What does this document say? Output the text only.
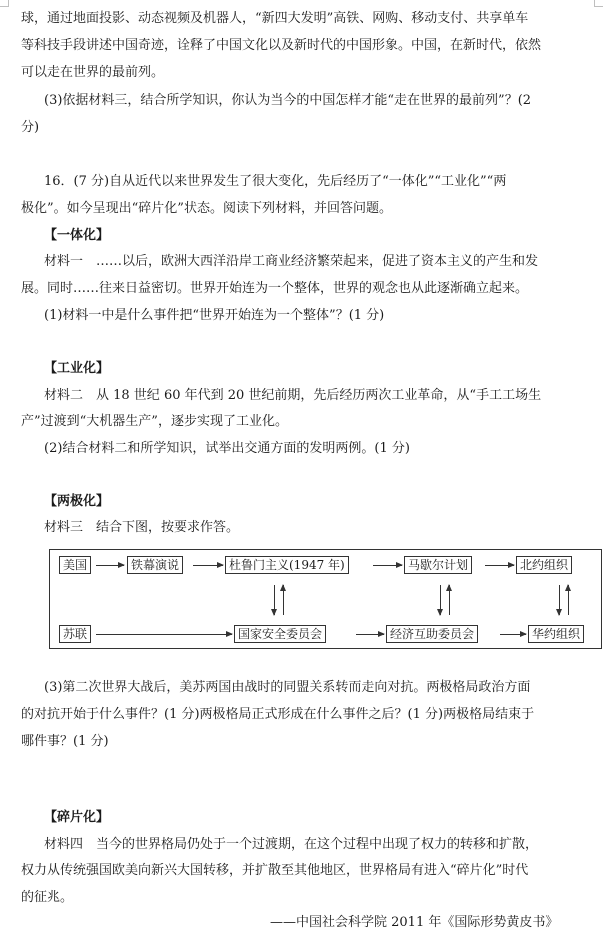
球，通过地面投影、动态视频及机器人，“新四大发明”高铁、网购、移动支付、共享单车
等科技手段讲述中国奇迹，诠释了中国文化以及新时代的中国形象。中国，在新时代，依然
可以走在世界的最前列。
(3)依据材料三，结合所学知识，你认为当今的中国怎样才能“走在世界的最前列”？(2
分)
16．(7 分)自从近代以来世界发生了很大变化，先后经历了“一体化”“工业化”“两
极化”。如今呈现出“碎片化”状态。阅读下列材料，并回答问题。
【一体化】
材料一　……以后，欧洲大西洋沿岸工商业经济繁荣起来，促进了资本主义的产生和发
展。同时……往来日益密切。世界开始连为一个整体，世界的观念也从此逐渐确立起来。
(1)材料一中是什么事件把“世界开始连为一个整体”？(1 分)
【工业化】
材料二　从 18 世纪 60 年代到 20 世纪前期，先后经历两次工业革命，从“手工工场生
产”过渡到“大机器生产”，逐步实现了工业化。
(2)结合材料二和所学知识，试举出交通方面的发明两例。(1 分)
【两极化】
材料三　结合下图，按要求作答。
美国	铁幕演说	杜鲁门主义(1947 年)	马歇尔计划	北约组织
苏联	国家安全委员会	经济互助委员会	华约组织
(3)第二次世界大战后，美苏两国由战时的同盟关系转而走向对抗。两极格局政治方面
的对抗开始于什么事件？(1 分)两极格局正式形成在什么事件之后？(1 分)两极格局结束于
哪件事？(1 分)
【碎片化】
材料四　当今的世界格局仍处于一个过渡期，在这个过程中出现了权力的转移和扩散，
权力从传统强国欧美向新兴大国转移，并扩散至其他地区，世界格局有进入“碎片化”时代
的征兆。
——中国社会科学院 2011 年《国际形势黄皮书》
